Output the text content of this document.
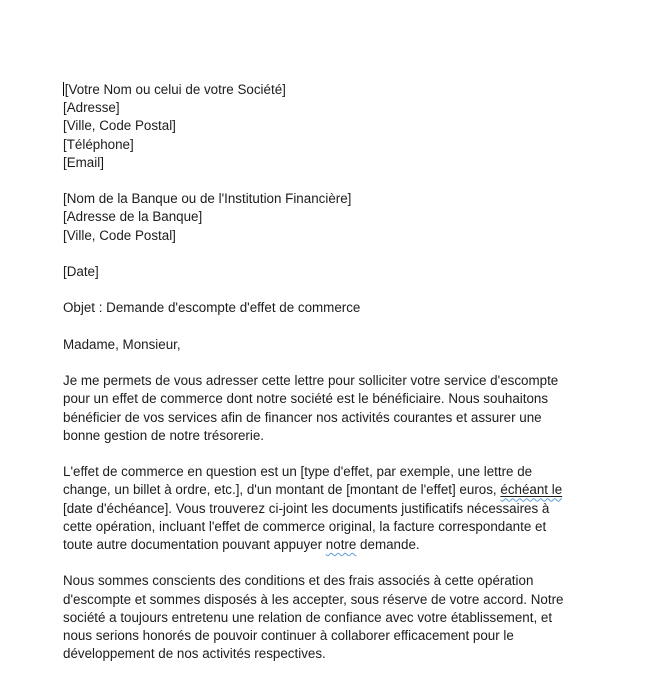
[Votre Nom ou celui de votre Société]
[Adresse]
[Ville, Code Postal]
[Téléphone]
[Email]
[Nom de la Banque ou de l'Institution Financière]
[Adresse de la Banque]
[Ville, Code Postal]
[Date]
Objet : Demande d'escompte d'effet de commerce
Madame, Monsieur,
Je me permets de vous adresser cette lettre pour solliciter votre service d'escompte
pour un effet de commerce dont notre société est le bénéficiaire. Nous souhaitons
bénéficier de vos services afin de financer nos activités courantes et assurer une
bonne gestion de notre trésorerie.
L'effet de commerce en question est un [type d'effet, par exemple, une lettre de
change, un billet à ordre, etc.], d'un montant de [montant de l'effet] euros, échéant le
[date d'échéance]. Vous trouverez ci-joint les documents justificatifs nécessaires à
cette opération, incluant l'effet de commerce original, la facture correspondante et
toute autre documentation pouvant appuyer notre demande.
Nous sommes conscients des conditions et des frais associés à cette opération
d'escompte et sommes disposés à les accepter, sous réserve de votre accord. Notre
société a toujours entretenu une relation de confiance avec votre établissement, et
nous serions honorés de pouvoir continuer à collaborer efficacement pour le
développement de nos activités respectives.
